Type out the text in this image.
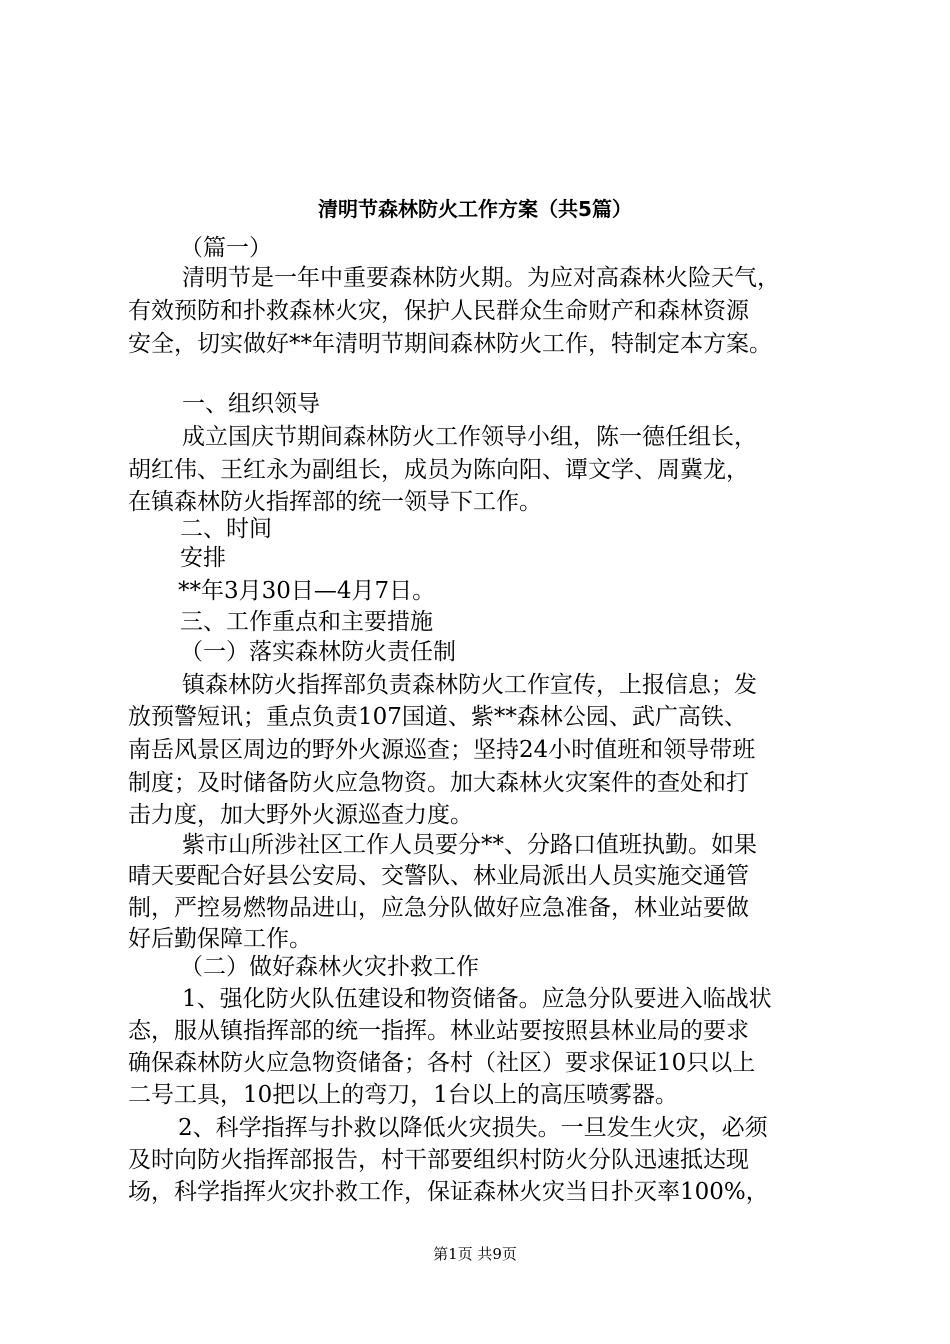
清明节森林防火工作方案（共5篇）
（篇一）
清明节是一年中重要森林防火期。为应对高森林火险天气，
有效预防和扑救森林火灾，保护人民群众生命财产和森林资源
安全，切实做好**年清明节期间森林防火工作，特制定本方案。
一、组织领导
成立国庆节期间森林防火工作领导小组，陈一德任组长，
胡红伟、王红永为副组长，成员为陈向阳、谭文学、周冀龙，
在镇森林防火指挥部的统一领导下工作。
二、时间
安排
**年3月30日—4月7日。
三、工作重点和主要措施
（一）落实森林防火责任制
镇森林防火指挥部负责森林防火工作宣传，上报信息；发
放预警短讯；重点负责107国道、紫**森林公园、武广高铁、
南岳风景区周边的野外火源巡查；坚持24小时值班和领导带班
制度；及时储备防火应急物资。加大森林火灾案件的查处和打
击力度，加大野外火源巡查力度。
紫市山所涉社区工作人员要分**、分路口值班执勤。如果
晴天要配合好县公安局、交警队、林业局派出人员实施交通管
制，严控易燃物品进山，应急分队做好应急准备，林业站要做
好后勤保障工作。
（二）做好森林火灾扑救工作
1、强化防火队伍建设和物资储备。应急分队要进入临战状
态，服从镇指挥部的统一指挥。林业站要按照县林业局的要求
确保森林防火应急物资储备；各村（社区）要求保证10只以上
二号工具，10把以上的弯刀，1台以上的高压喷雾器。
2、科学指挥与扑救以降低火灾损失。一旦发生火灾，必须
及时向防火指挥部报告，村干部要组织村防火分队迅速抵达现
场，科学指挥火灾扑救工作，保证森林火灾当日扑灭率100%，
第1页 共9页
